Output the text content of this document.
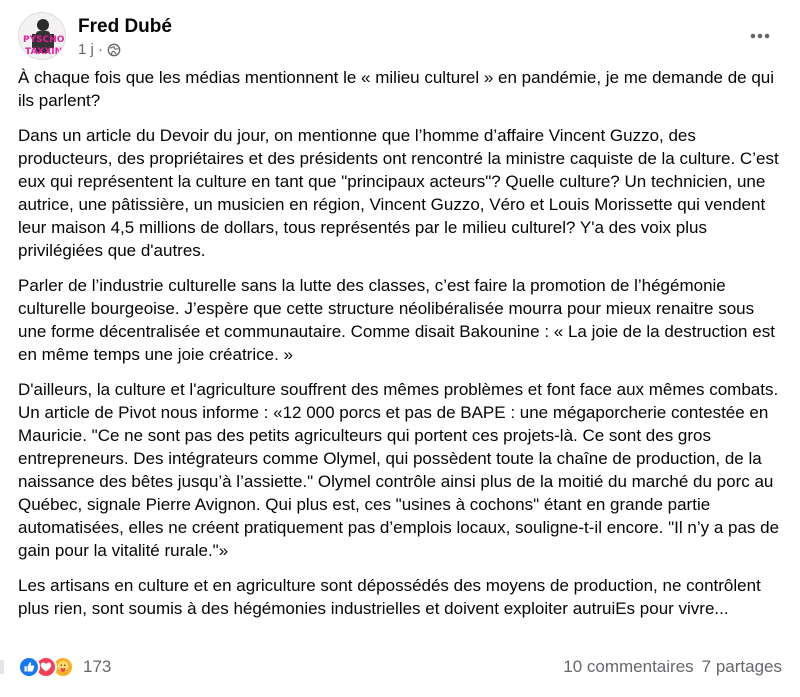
PYSCHO
TAXXIN
Fred Dubé
1 j ·

À chaque fois que les médias mentionnent le « milieu culturel » en pandémie, je me demande de qui ils parlent?

Dans un article du Devoir du jour, on mentionne que l’homme d’affaire Vincent Guzzo, des producteurs, des propriétaires et des présidents ont rencontré la ministre caquiste de la culture. C’est eux qui représentent la culture en tant que "principaux acteurs"? Quelle culture? Un technicien, une autrice, une pâtissière, un musicien en région, Vincent Guzzo, Véro et Louis Morissette qui vendent leur maison 4,5 millions de dollars, tous représentés par le milieu culturel? Y'a des voix plus privilégiées que d'autres.

Parler de l’industrie culturelle sans la lutte des classes, c’est faire la promotion de l’hégémonie culturelle bourgeoise. J’espère que cette structure néolibéralisée mourra pour mieux renaitre sous une forme décentralisée et communautaire. Comme disait Bakounine : « La joie de la destruction est en même temps une joie créatrice. »

D'ailleurs, la culture et l'agriculture souffrent des mêmes problèmes et font face aux mêmes combats. Un article de Pivot nous informe : «12 000 porcs et pas de BAPE : une mégaporcherie contestée en Mauricie. "Ce ne sont pas des petits agriculteurs qui portent ces projets-là. Ce sont des gros entrepreneurs. Des intégrateurs comme Olymel, qui possèdent toute la chaîne de production, de la naissance des bêtes jusqu’à l’assiette." Olymel contrôle ainsi plus de la moitié du marché du porc au Québec, signale Pierre Avignon. Qui plus est, ces "usines à cochons" étant en grande partie automatisées, elles ne créent pratiquement pas d’emplois locaux, souligne-t-il encore. "Il n’y a pas de gain pour la vitalité rurale."»

Les artisans en culture et en agriculture sont dépossédés des moyens de production, ne contrôlent plus rien, sont soumis à des hégémonies industrielles et doivent exploiter autruiEs pour vivre...

173	10 commentaires 7 partages
